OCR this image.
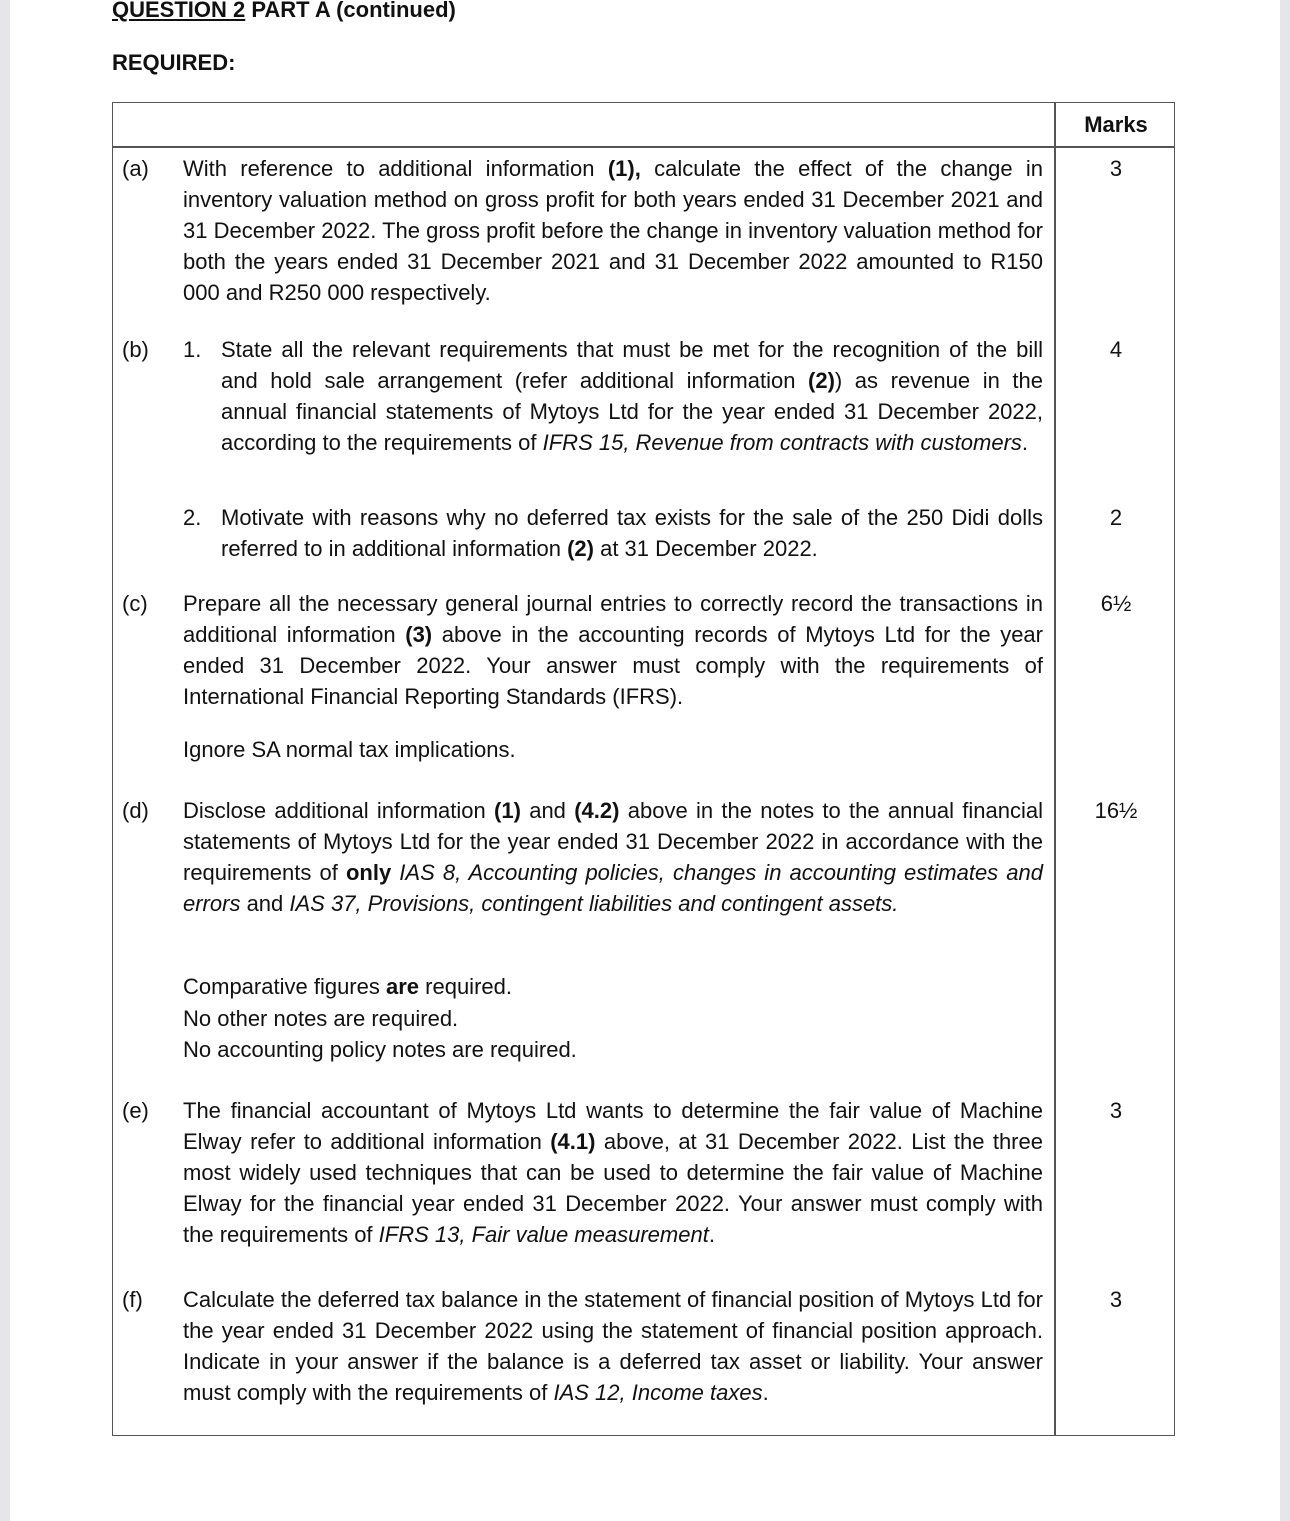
QUESTION 2 PART A (continued)
REQUIRED:
Marks
(a) With reference to additional information (1), calculate the effect of the change in inventory valuation method on gross profit for both years ended 31 December 2021 and 31 December 2022. The gross profit before the change in inventory valuation method for both the years ended 31 December 2021 and 31 December 2022 amounted to R150 000 and R250 000 respectively.
3
(b) 1. State all the relevant requirements that must be met for the recognition of the bill and hold sale arrangement (refer additional information (2)) as revenue in the annual financial statements of Mytoys Ltd for the year ended 31 December 2022, according to the requirements of IFRS 15, Revenue from contracts with customers.
4
2. Motivate with reasons why no deferred tax exists for the sale of the 250 Didi dolls referred to in additional information (2) at 31 December 2022.
2
(c) Prepare all the necessary general journal entries to correctly record the transactions in additional information (3) above in the accounting records of Mytoys Ltd for the year ended 31 December 2022. Your answer must comply with the requirements of International Financial Reporting Standards (IFRS).
Ignore SA normal tax implications.
6½
(d) Disclose additional information (1) and (4.2) above in the notes to the annual financial statements of Mytoys Ltd for the year ended 31 December 2022 in accordance with the requirements of only IAS 8, Accounting policies, changes in accounting estimates and errors and IAS 37, Provisions, contingent liabilities and contingent assets.
Comparative figures are required.
No other notes are required.
No accounting policy notes are required.
16½
(e) The financial accountant of Mytoys Ltd wants to determine the fair value of Machine Elway refer to additional information (4.1) above, at 31 December 2022. List the three most widely used techniques that can be used to determine the fair value of Machine Elway for the financial year ended 31 December 2022. Your answer must comply with the requirements of IFRS 13, Fair value measurement.
3
(f) Calculate the deferred tax balance in the statement of financial position of Mytoys Ltd for the year ended 31 December 2022 using the statement of financial position approach. Indicate in your answer if the balance is a deferred tax asset or liability. Your answer must comply with the requirements of IAS 12, Income taxes.
3
